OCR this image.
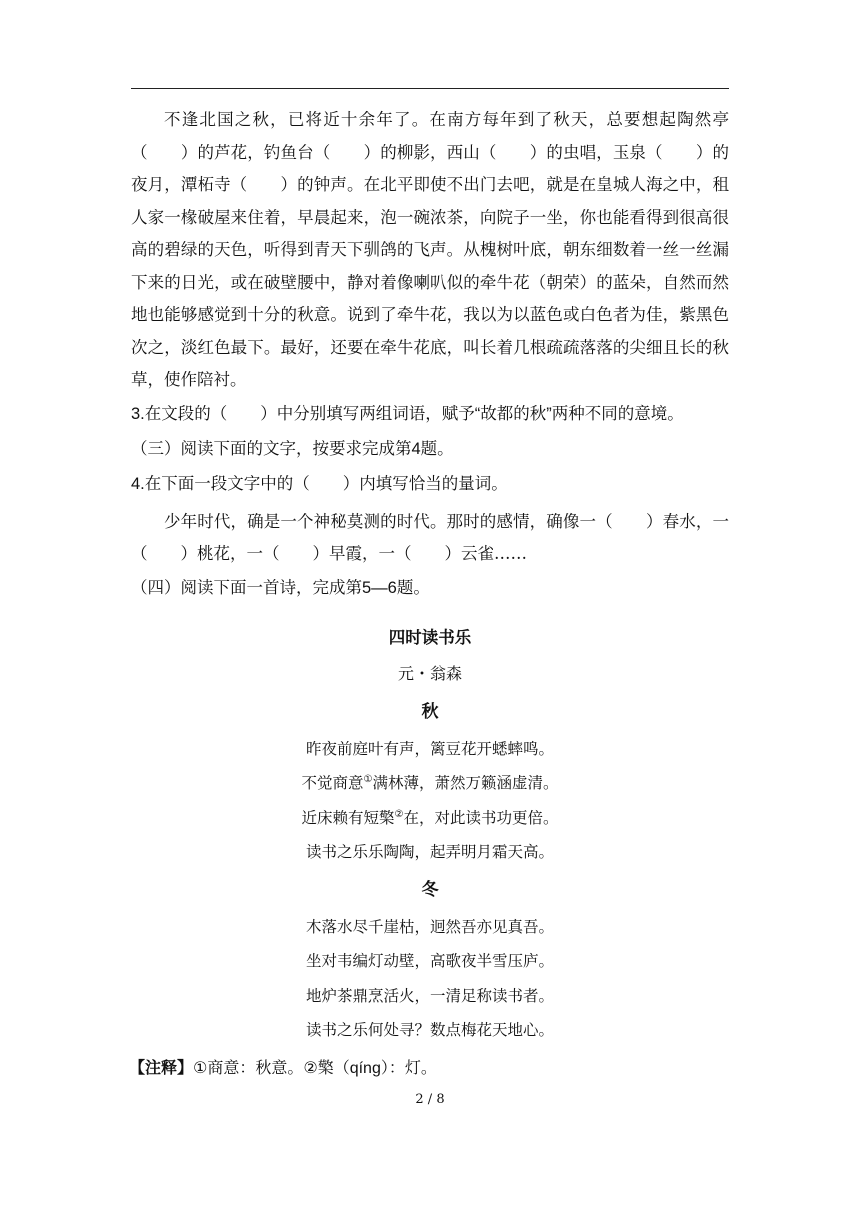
不逢北国之秋，已将近十余年了。在南方每年到了秋天，总要想起陶然亭（　　）的芦花，钓鱼台（　　）的柳影，西山（　　）的虫唱，玉泉（　　）的夜月，潭柘寺（　　）的钟声。在北平即使不出门去吧，就是在皇城人海之中，租人家一椽破屋来住着，早晨起来，泡一碗浓茶，向院子一坐，你也能看得到很高很高的碧绿的天色，听得到青天下驯鸽的飞声。从槐树叶底，朝东细数着一丝一丝漏下来的日光，或在破壁腰中，静对着像喇叭似的牵牛花（朝荣）的蓝朵，自然而然地也能够感觉到十分的秋意。说到了牵牛花，我以为以蓝色或白色者为佳，紫黑色次之，淡红色最下。最好，还要在牵牛花底，叫长着几根疏疏落落的尖细且长的秋草，使作陪衬。

3.在文段的（　　）中分别填写两组词语，赋予“故都的秋”两种不同的意境。

（三）阅读下面的文字，按要求完成第4题。

4.在下面一段文字中的（　　）内填写恰当的量词。

少年时代，确是一个神秘莫测的时代。那时的感情，确像一（　　）春水，一（　　）桃花，一（　　）早霞，一（　　）云雀……

（四）阅读下面一首诗，完成第5—6题。

四时读书乐

元・翁森

秋

昨夜前庭叶有声，篱豆花开蟋蟀鸣。

不觉商意①满林薄，萧然万籁涵虚清。

近床赖有短檠②在，对此读书功更倍。

读书之乐乐陶陶，起弄明月霜天高。

冬

木落水尽千崖枯，迥然吾亦见真吾。

坐对韦编灯动壁，高歌夜半雪压庐。

地炉茶鼎烹活火，一清足称读书者。

读书之乐何处寻？数点梅花天地心。

【注释】①商意：秋意。②檠（qíng）：灯。

2 / 8
